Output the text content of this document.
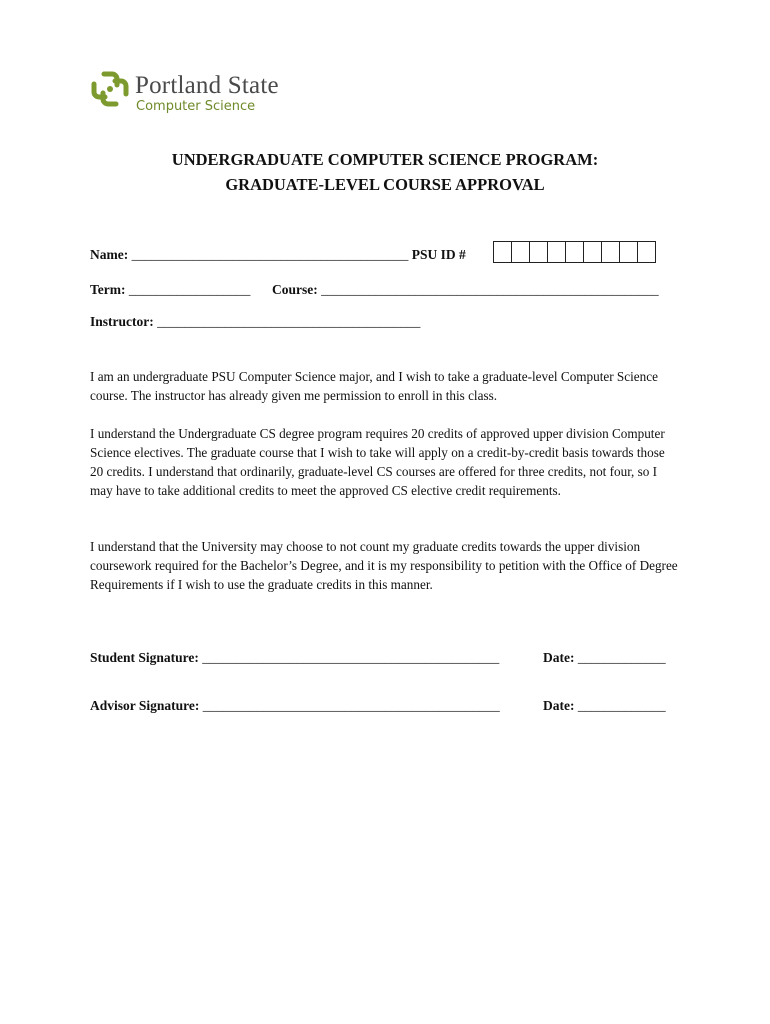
Portland State
Computer Science
UNDERGRADUATE COMPUTER SCIENCE PROGRAM:
GRADUATE-LEVEL COURSE APPROVAL
Name: _________________________________________ PSU ID #
Term: __________________ Course: __________________________________________________
Instructor: _______________________________________
I am an undergraduate PSU Computer Science major, and I wish to take a graduate-level Computer Science course. The instructor has already given me permission to enroll in this class.
I understand the Undergraduate CS degree program requires 20 credits of approved upper division Computer Science electives. The graduate course that I wish to take will apply on a credit-by-credit basis towards those 20 credits. I understand that ordinarily, graduate-level CS courses are offered for three credits, not four, so I may have to take additional credits to meet the approved CS elective credit requirements.
I understand that the University may choose to not count my graduate credits towards the upper division coursework required for the Bachelor’s Degree, and it is my responsibility to petition with the Office of Degree Requirements if I wish to use the graduate credits in this manner.
Student Signature: ____________________________________________	Date: _____________
Advisor Signature: ____________________________________________	Date: _____________
